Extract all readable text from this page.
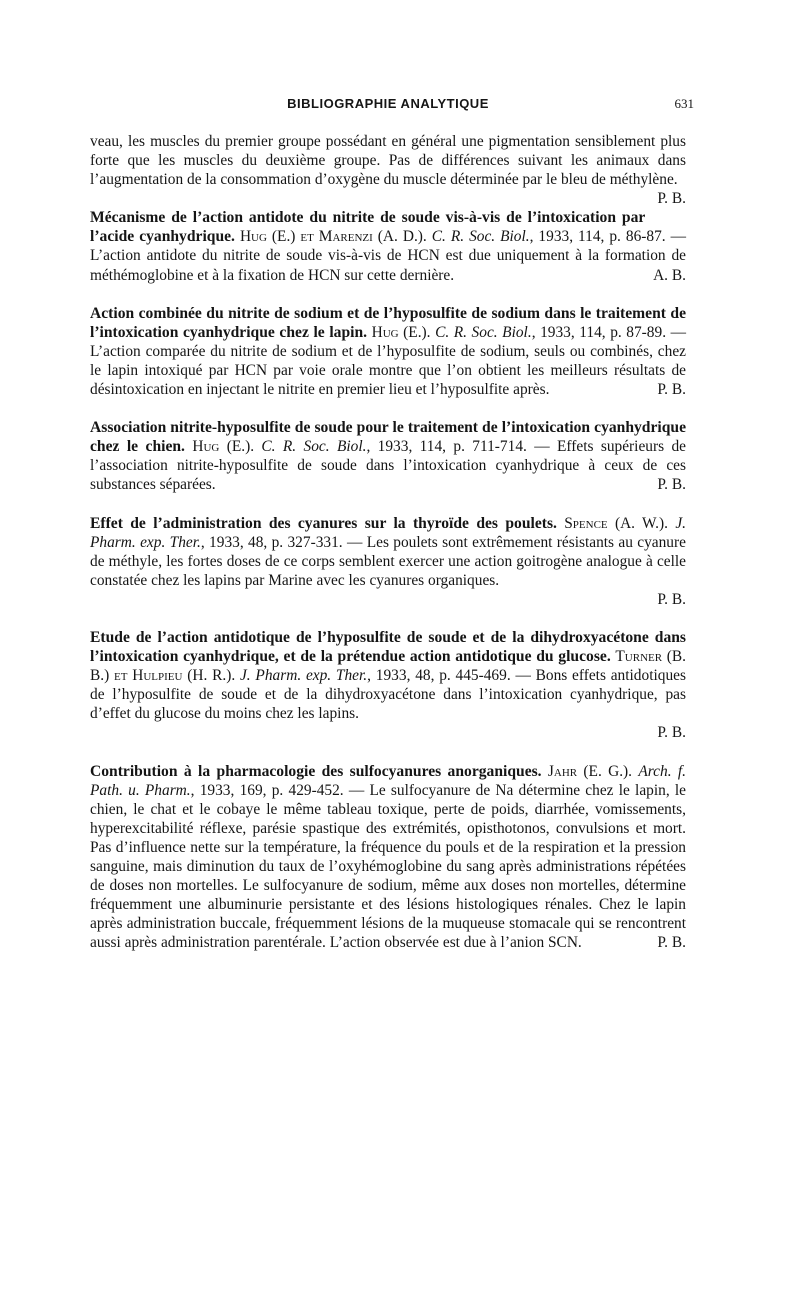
BIBLIOGRAPHIE ANALYTIQUE	631

veau, les muscles du premier groupe possédant en général une pigmentation sensiblement plus forte que les muscles du deuxième groupe. Pas de différences suivant les animaux dans l’augmentation de la consommation d’oxygène du muscle déterminée par le bleu de méthylène.
P. B.

Mécanisme de l’action antidote du nitrite de soude vis-à-vis de l’intoxication par l’acide cyanhydrique. Hug (E.) et Marenzi (A. D.). C. R. Soc. Biol., 1933, 114, p. 86-87. — L’action antidote du nitrite de soude vis-à-vis de HCN est due uniquement à la formation de méthémoglobine et à la fixation de HCN sur cette dernière.	A. B.

Action combinée du nitrite de sodium et de l’hyposulfite de sodium dans le traitement de l’intoxication cyanhydrique chez le lapin. Hug (E.). C. R. Soc. Biol., 1933, 114, p. 87-89. — L’action comparée du nitrite de sodium et de l’hyposulfite de sodium, seuls ou combinés, chez le lapin intoxiqué par HCN par voie orale montre que l’on obtient les meilleurs résultats de désintoxication en injectant le nitrite en premier lieu et l’hyposulfite après.	P. B.

Association nitrite-hyposulfite de soude pour le traitement de l’intoxication cyanhydrique chez le chien. Hug (E.). C. R. Soc. Biol., 1933, 114, p. 711-714. — Effets supérieurs de l’association nitrite-hyposulfite de soude dans l’intoxication cyanhydrique à ceux de ces substances séparées.	P. B.

Effet de l’administration des cyanures sur la thyroïde des poulets. Spence (A. W.). J. Pharm. exp. Ther., 1933, 48, p. 327-331. — Les poulets sont extrêmement résistants au cyanure de méthyle, les fortes doses de ce corps semblent exercer une action goitrogène analogue à celle constatée chez les lapins par Marine avec les cyanures organiques.

P. B.

Etude de l’action antidotique de l’hyposulfite de soude et de la dihydroxyacétone dans l’intoxication cyanhydrique, et de la prétendue action antidotique du glucose. Turner (B. B.) et Hulpieu (H. R.). J. Pharm. exp. Ther., 1933, 48, p. 445-469. — Bons effets antidotiques de l’hyposulfite de soude et de la dihydroxyacétone dans l’intoxication cyanhydrique, pas d’effet du glucose du moins chez les lapins.

P. B.

Contribution à la pharmacologie des sulfocyanures anorganiques. Jahr (E. G.). Arch. f. Path. u. Pharm., 1933, 169, p. 429-452. — Le sulfocyanure de Na détermine chez le lapin, le chien, le chat et le cobaye le même tableau toxique, perte de poids, diarrhée, vomissements, hyperexcitabilité réflexe, parésie spastique des extrémités, opisthotonos, convulsions et mort. Pas d’influence nette sur la température, la fréquence du pouls et de la respiration et la pression sanguine, mais diminution du taux de l’oxyhémoglobine du sang après administrations répétées de doses non mortelles. Le sulfocyanure de sodium, même aux doses non mortelles, détermine fréquemment une albuminurie persistante et des lésions histologiques rénales. Chez le lapin après administration buccale, fréquemment lésions de la muqueuse stomacale qui se rencontrent aussi après administration parentérale. L’action observée est due à l’anion SCN.	P. B.
